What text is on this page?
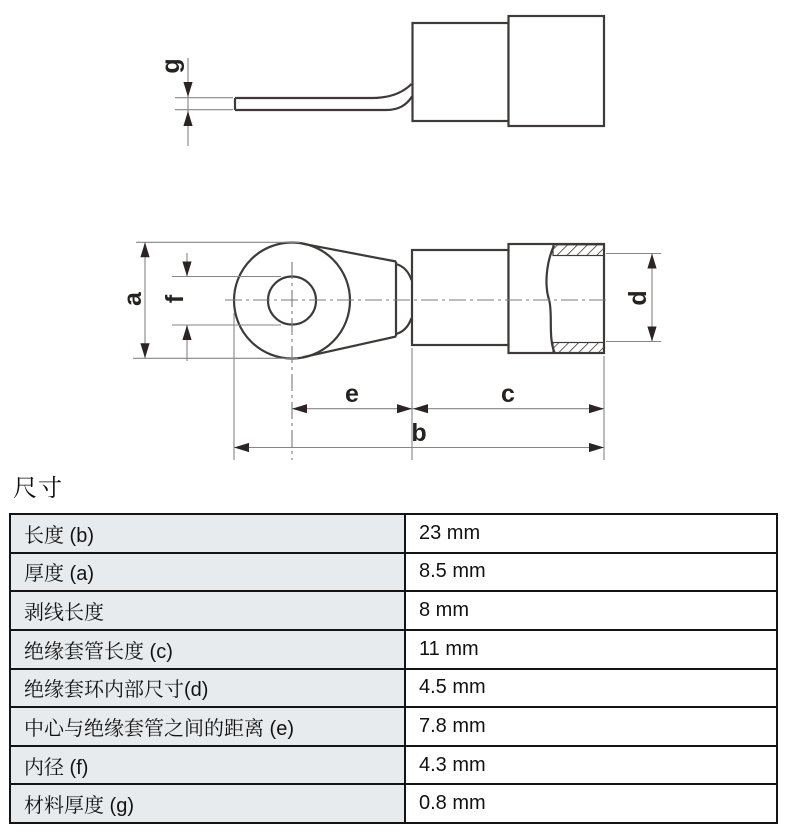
g
a f	d
e	c
b
尺寸
长度 (b)	23 mm
厚度 (a)	8.5 mm
剥线长度	8 mm
绝缘套管长度 (c)	11 mm
绝缘套环内部尺寸(d)	4.5 mm
中心与绝缘套管之间的距离 (e)	7.8 mm
内径 (f)	4.3 mm
材料厚度 (g)	0.8 mm
